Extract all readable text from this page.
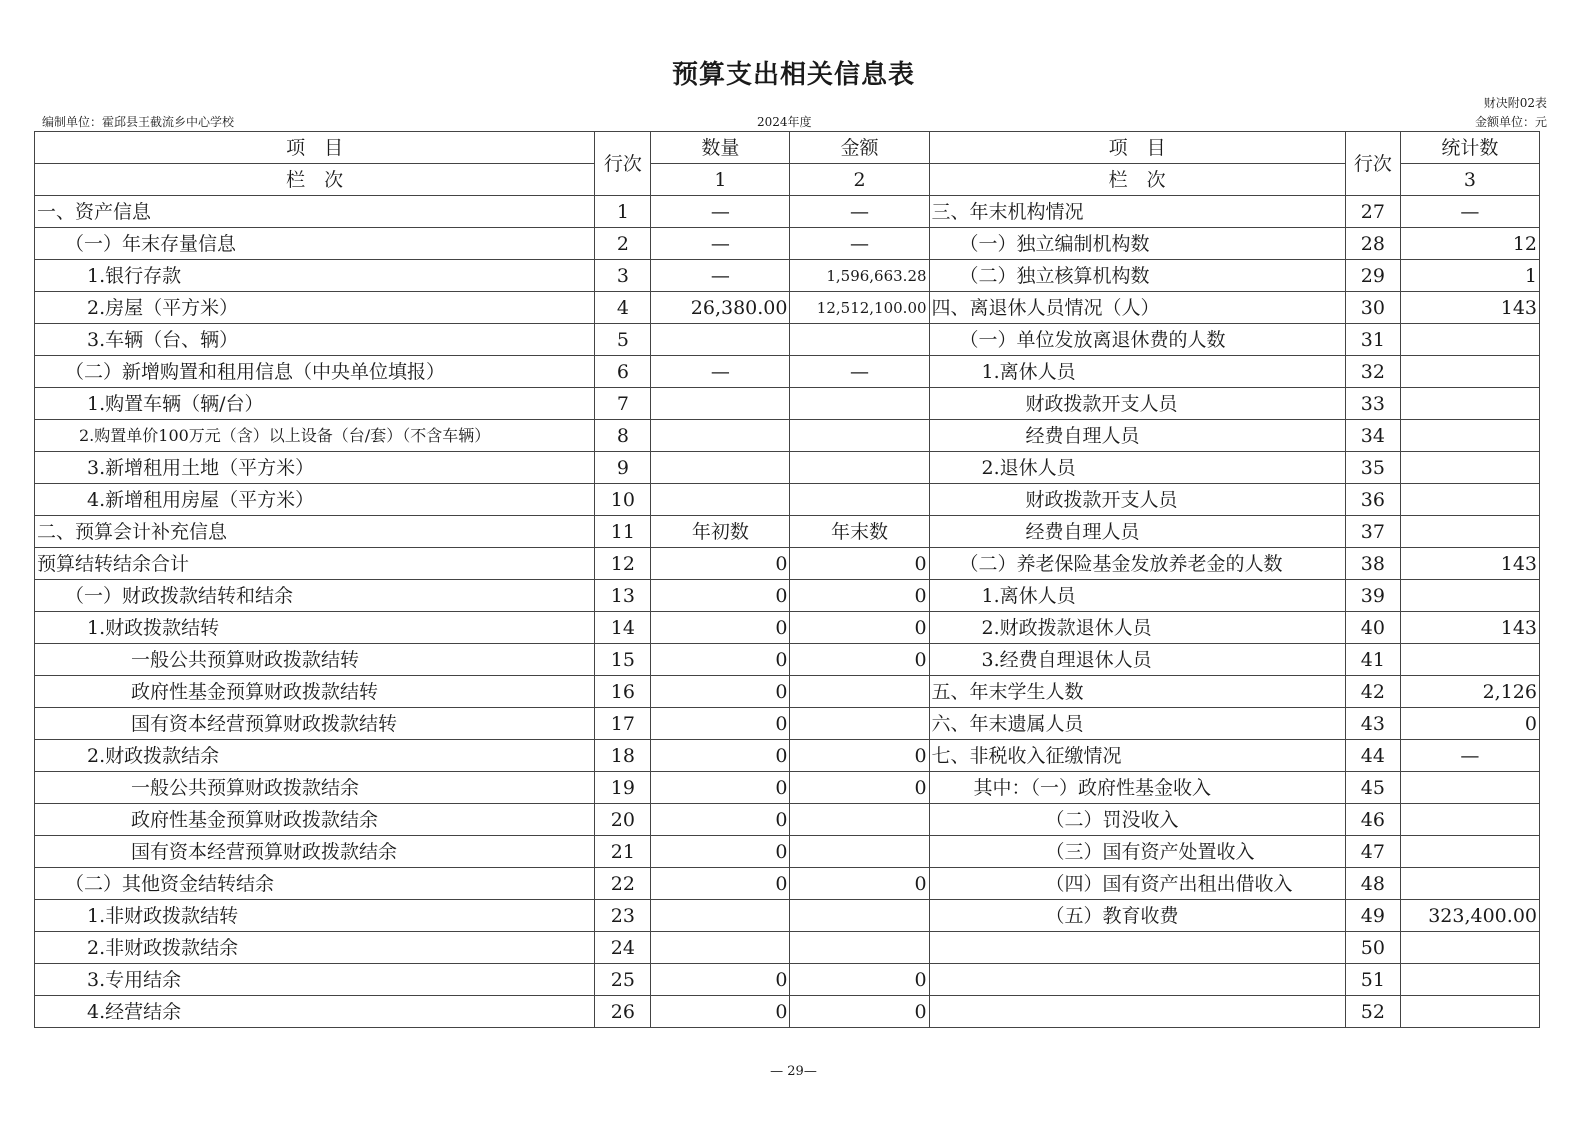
预算支出相关信息表
财决附02表
编制单位：霍邱县王截流乡中心学校	2024年度	金额单位：元
项　目	行次	数量	金额	项　目	行次	统计数
栏　次		1	2	栏　次		3
一、资产信息	1	—	—	三、年末机构情况	27	—
（一）年末存量信息	2	—	—	（一）独立编制机构数	28	12
1.银行存款	3	—	1,596,663.28	（二）独立核算机构数	29	1
2.房屋（平方米）	4	26,380.00	12,512,100.00	四、离退休人员情况（人）	30	143
3.车辆（台、辆）	5			（一）单位发放离退休费的人数	31	
（二）新增购置和租用信息（中央单位填报）	6	—	—	1.离休人员	32	
1.购置车辆（辆/台）	7			财政拨款开支人员	33	
2.购置单价100万元（含）以上设备（台/套）（不含车辆）	8			经费自理人员	34	
3.新增租用土地（平方米）	9			2.退休人员	35	
4.新增租用房屋（平方米）	10			财政拨款开支人员	36	
二、预算会计补充信息	11	年初数	年末数	经费自理人员	37	
预算结转结余合计	12	0	0	（二）养老保险基金发放养老金的人数	38	143
（一）财政拨款结转和结余	13	0	0	1.离休人员	39	
1.财政拨款结转	14	0	0	2.财政拨款退休人员	40	143
一般公共预算财政拨款结转	15	0	0	3.经费自理退休人员	41	
政府性基金预算财政拨款结转	16	0		五、年末学生人数	42	2,126
国有资本经营预算财政拨款结转	17	0		六、年末遗属人员	43	0
2.财政拨款结余	18	0	0	七、非税收入征缴情况	44	—
一般公共预算财政拨款结余	19	0	0	其中：（一）政府性基金收入	45	
政府性基金预算财政拨款结余	20	0		（二）罚没收入	46	
国有资本经营预算财政拨款结余	21	0		（三）国有资产处置收入	47	
（二）其他资金结转结余	22	0	0	（四）国有资产出租出借收入	48	
1.非财政拨款结转	23			（五）教育收费	49	323,400.00
2.非财政拨款结余	24				50	
3.专用结余	25	0	0		51	
4.经营结余	26	0	0		52	
— 29—
